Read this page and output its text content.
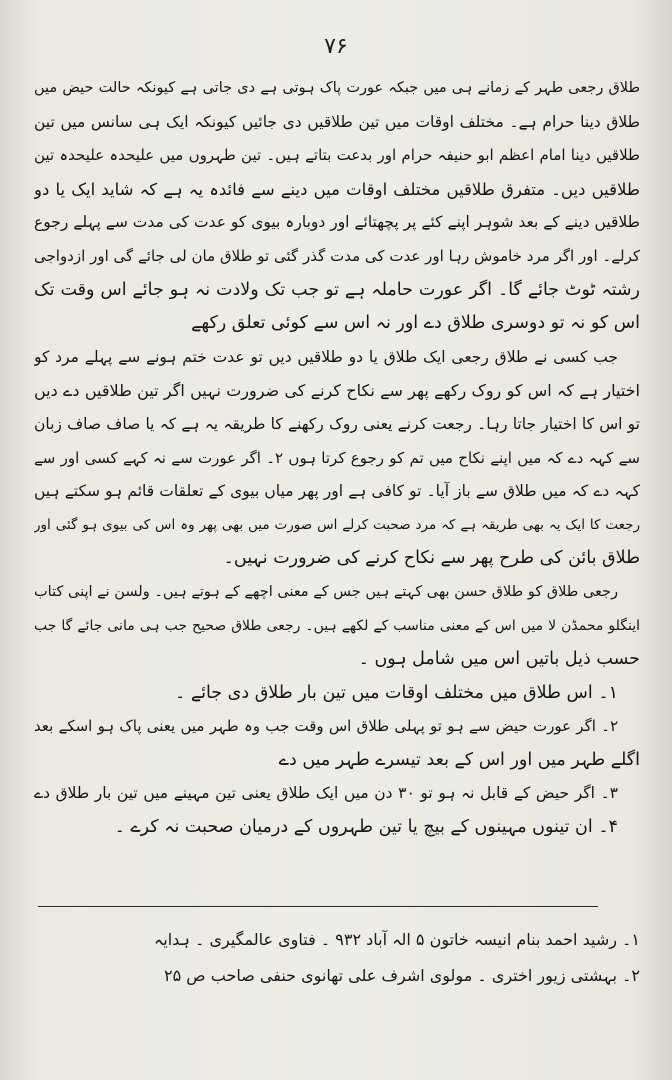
۷۶
طلاق رجعی طہر کے زمانے ہی میں جبکہ عورت پاک ہوتی ہے دی جاتی ہے کیونکہ حالت حیض میں
طلاق دینا حرام ہے۔ مختلف اوقات میں تین طلاقیں دی جائیں کیونکہ ایک ہی سانس میں تین
طلاقیں دینا امام اعظم ابو حنیفہ حرام اور بدعت بتاتے ہیں۔ تین طہروں میں علیحدہ علیحدہ تین
طلاقیں دیں۔ متفرق طلاقیں مختلف اوقات میں دینے سے فائدہ یہ ہے کہ شاید ایک یا دو
طلاقیں دینے کے بعد شوہر اپنے کئے پر پچھتائے اور دوبارہ بیوی کو عدت کی مدت سے پہلے رجوع
کرلے۔ اور اگر مرد خاموش رہا اور عدت کی مدت گذر گئی تو طلاق مان لی جائے گی اور ازدواجی
رشتہ ٹوٹ جائے گا۔ اگر عورت حاملہ ہے تو جب تک ولادت نہ ہو جائے اس وقت تک
اس کو نہ تو دوسری طلاق دے اور نہ اس سے کوئی تعلق رکھے
جب کسی نے طلاق رجعی ایک طلاق یا دو طلاقیں دیں تو عدت ختم ہونے سے پہلے مرد کو
اختیار ہے کہ اس کو روک رکھے پھر سے نکاح کرنے کی ضرورت نہیں اگر تین طلاقیں دے دیں
تو اس کا اختیار جاتا رہا۔ رجعت کرنے یعنی روک رکھنے کا طریقہ یہ ہے کہ یا صاف صاف زبان
سے کہہ دے کہ میں اپنے نکاح میں تم کو رجوع کرتا ہوں ۲۔ اگر عورت سے نہ کہے کسی اور سے
کہہ دے کہ میں طلاق سے باز آیا۔ تو کافی ہے اور پھر میاں بیوی کے تعلقات قائم ہو سکتے ہیں
رجعت کا ایک یہ بھی طریقہ ہے کہ مرد صحبت کرلے اس صورت میں بھی پھر وہ اس کی بیوی ہو گئی اور
طلاق بائن کی طرح پھر سے نکاح کرنے کی ضرورت نہیں۔
رجعی طلاق کو طلاق حسن بھی کہتے ہیں جس کے معنی اچھے کے ہوتے ہیں۔ ولسن نے اپنی کتاب
اینگلو محمڈن لا میں اس کے معنی مناسب کے لکھے ہیں۔ رجعی طلاق صحیح جب ہی مانی جائے گا جب
حسب ذیل باتیں اس میں شامل ہوں ۔
۱۔ اس طلاق میں مختلف اوقات میں تین بار طلاق دی جائے ۔
۲۔ اگر عورت حیض سے ہو تو پہلی طلاق اس وقت جب وہ طہر میں یعنی پاک ہو اسکے بعد
اگلے طہر میں اور اس کے بعد تیسرے طہر میں دے
۳۔ اگر حیض کے قابل نہ ہو تو ۳۰ دن میں ایک طلاق یعنی تین مہینے میں تین بار طلاق دے
۴۔ ان تینوں مہینوں کے بیچ یا تین طہروں کے درمیان صحبت نہ کرے ۔
۱۔ رشید احمد بنام انیسہ خاتون ۵ الہ آباد ۹۳۲ ۔ فتاوی عالمگیری ۔ ہدایہ
۲۔ بہشتی زیور اختری ۔ مولوی اشرف علی تھانوی حنفی صاحب ص ۲۵
